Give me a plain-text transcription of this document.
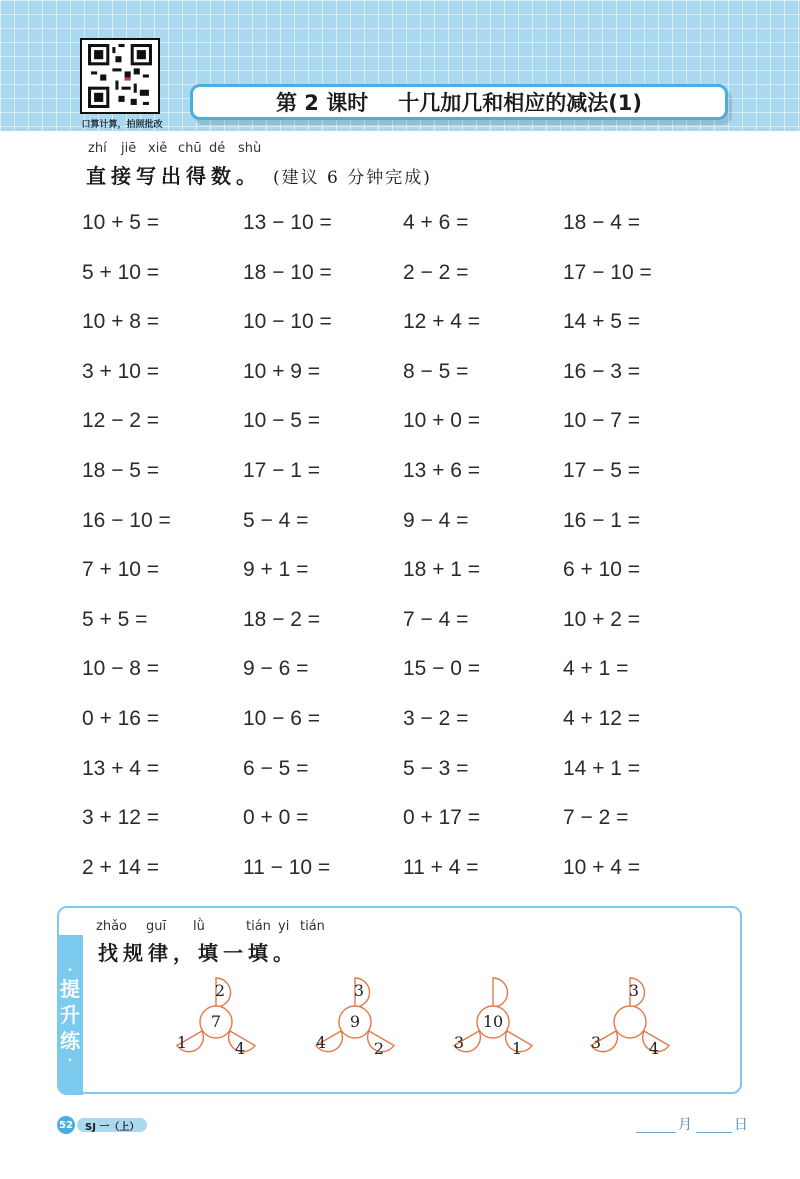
口算计算，拍照批改
第 2 课时 十几加几和相应的减法(1)
zhí jiē xiě chū dé shù
直接写出得数。 (建议 6 分钟完成)
10 + 5 =	13 − 10 =	4 + 6 =	18 − 4 =
5 + 10 =	18 − 10 =	2 − 2 =	17 − 10 =
10 + 8 =	10 − 10 =	12 + 4 =	14 + 5 =
3 + 10 =	10 + 9 =	8 − 5 =	16 − 3 =
12 − 2 =	10 − 5 =	10 + 0 =	10 − 7 =
18 − 5 =	17 − 1 =	13 + 6 =	17 − 5 =
16 − 10 =	5 − 4 =	9 − 4 =	16 − 1 =
7 + 10 =	9 + 1 =	18 + 1 =	6 + 10 =
5 + 5 =	18 − 2 =	7 − 4 =	10 + 2 =
10 − 8 =	9 − 6 =	15 − 0 =	4 + 1 =
0 + 16 =	10 − 6 =	3 − 2 =	4 + 12 =
13 + 4 =	6 − 5 =	5 − 3 =	14 + 1 =
3 + 12 =	0 + 0 =	0 + 17 =	7 − 2 =
2 + 14 =	11 − 10 =	11 + 4 =	10 + 4 =
·
提
升
练
·
zhǎo guī lǜ	tián yi tián
找规律，填一填。
7
2
1	4
9
3
4	2
10
3	1
3
3	4
52	SJ 一（上）	月	日
